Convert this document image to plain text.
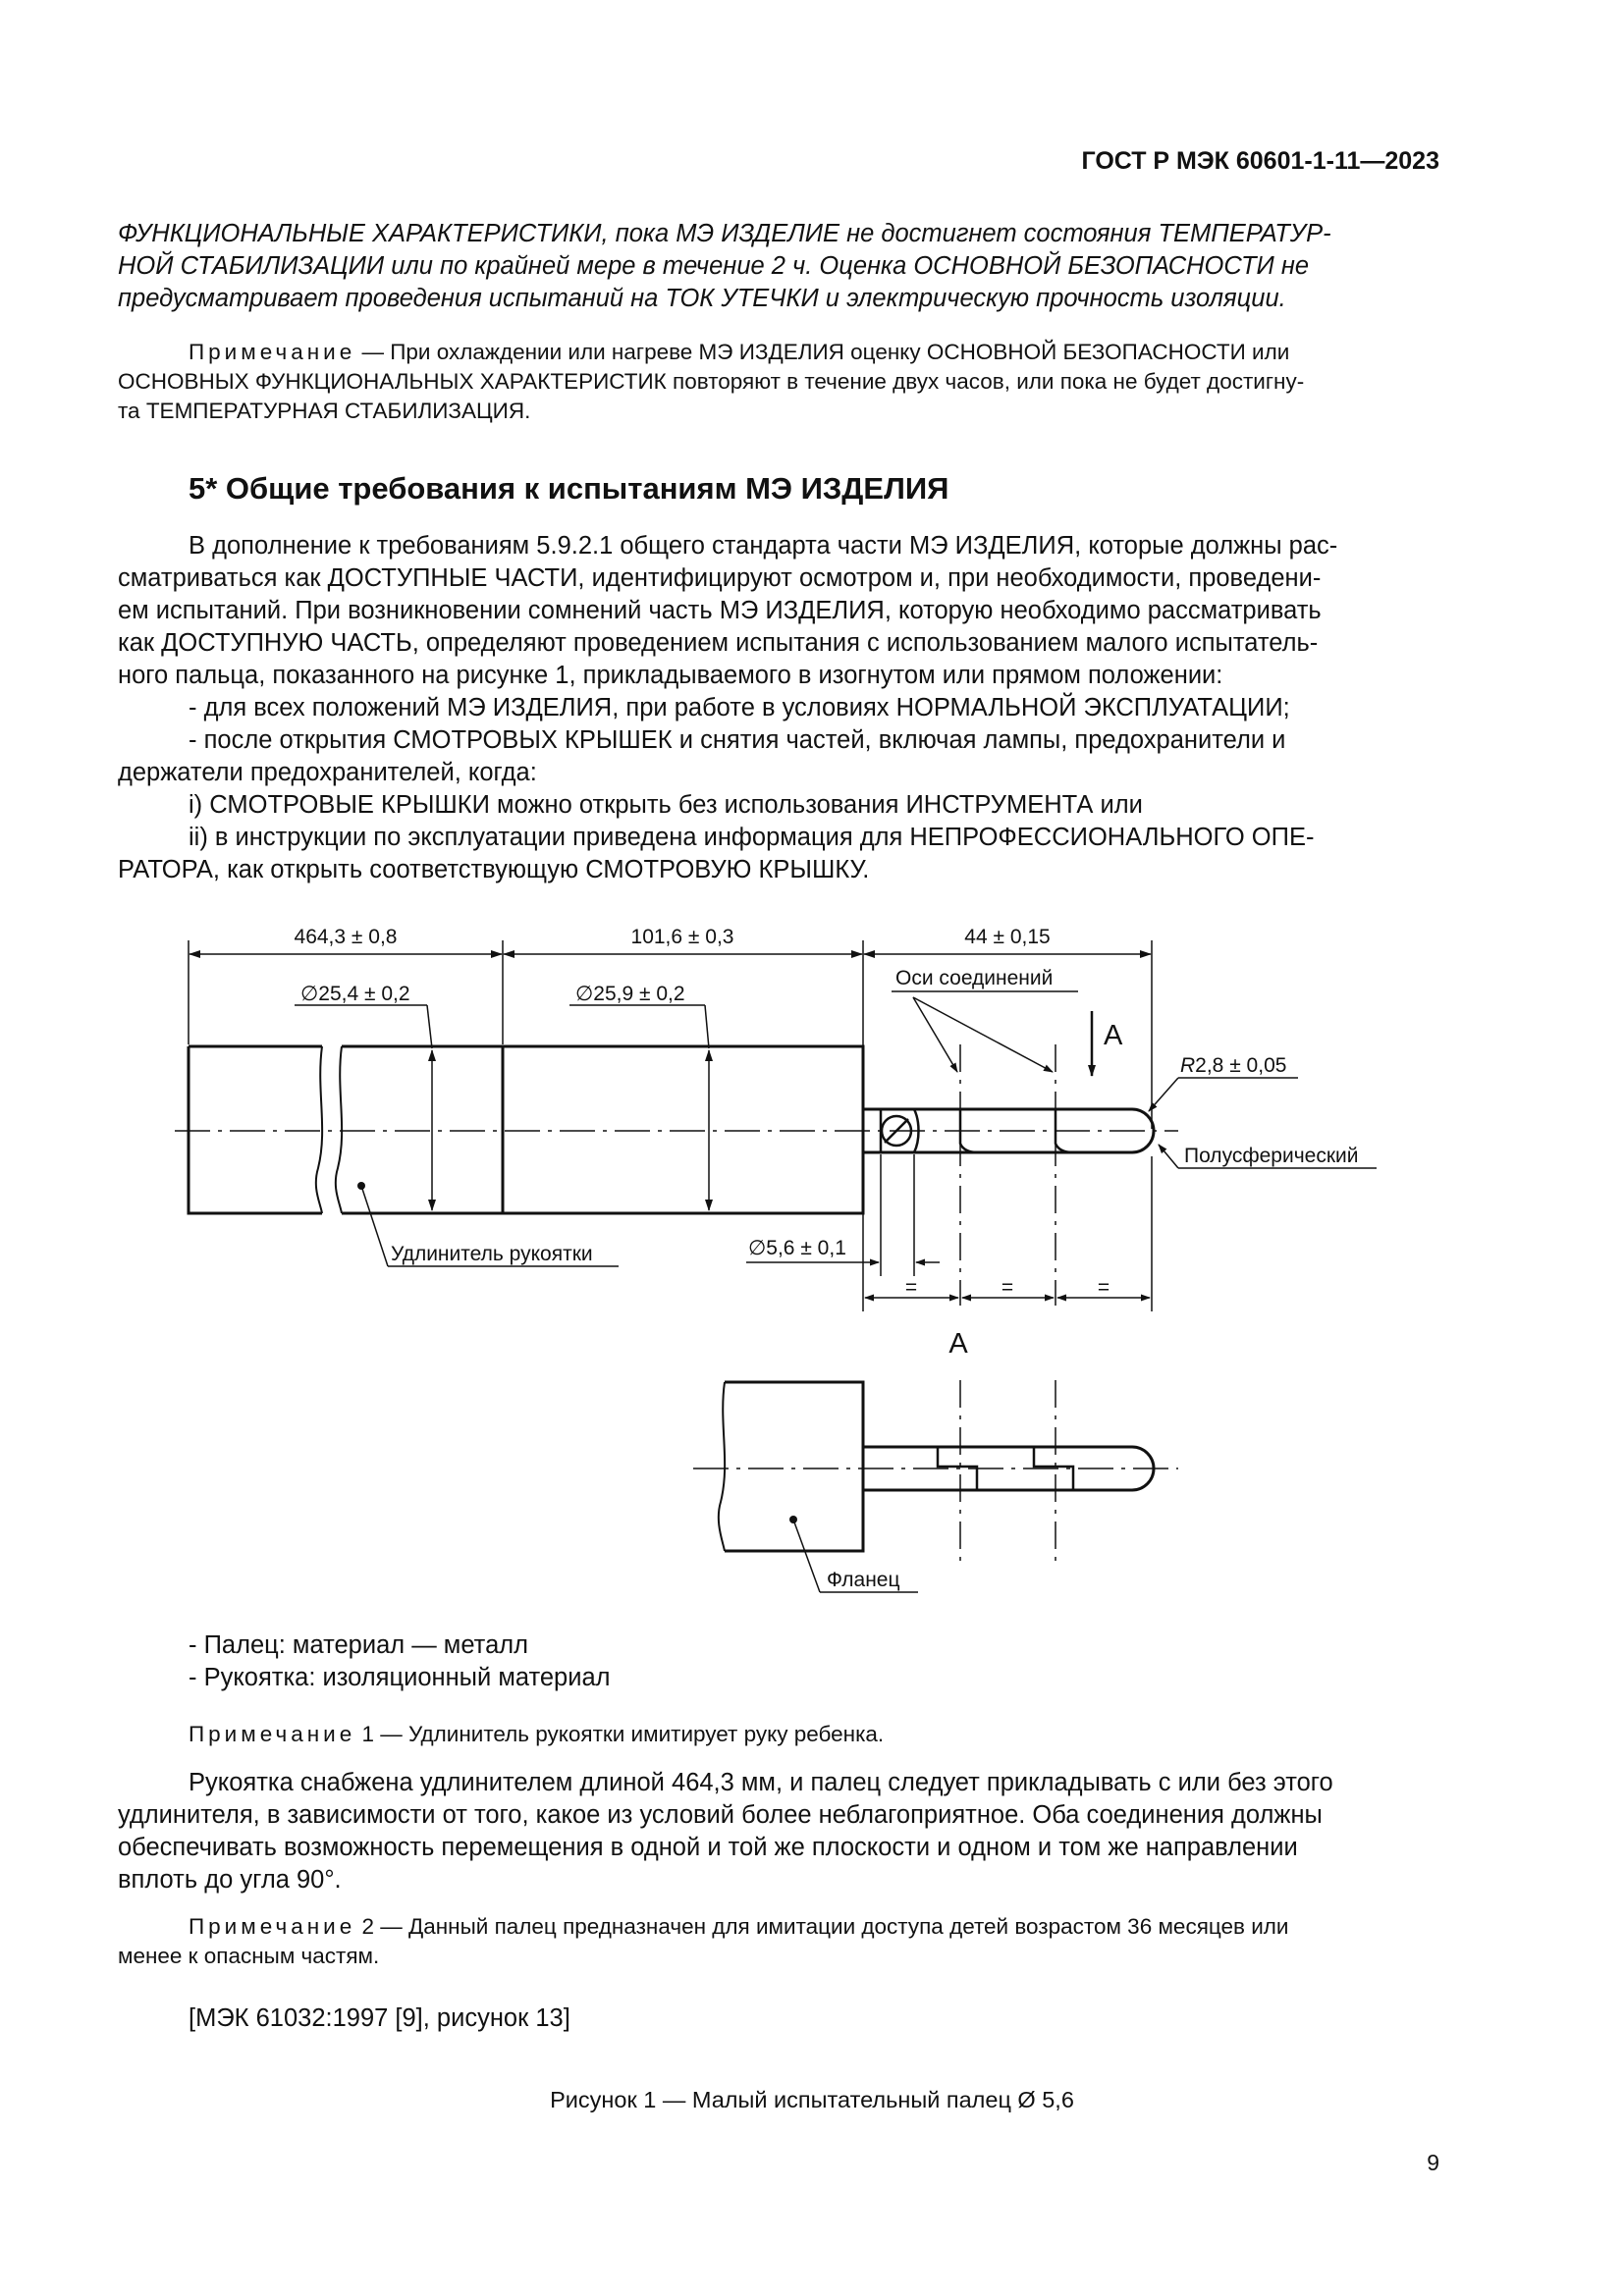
ГОСТ Р МЭК 60601-1-11—2023

ФУНКЦИОНАЛЬНЫЕ ХАРАКТЕРИСТИКИ, пока МЭ ИЗДЕЛИЕ не достигнет состояния ТЕМПЕРАТУР-

НОЙ СТАБИЛИЗАЦИИ или по крайней мере в течение 2 ч. Оценка ОСНОВНОЙ БЕЗОПАСНОСТИ не

предусматривает проведения испытаний на ТОК УТЕЧКИ и электрическую прочность изоляции.

Примечание — При охлаждении или нагреве МЭ ИЗДЕЛИЯ оценку ОСНОВНОЙ БЕЗОПАСНОСТИ или

ОСНОВНЫХ ФУНКЦИОНАЛЬНЫХ ХАРАКТЕРИСТИК повторяют в течение двух часов, или пока не будет достигну-

та ТЕМПЕРАТУРНАЯ СТАБИЛИЗАЦИЯ.

5* Общие требования к испытаниям МЭ ИЗДЕЛИЯ

В дополнение к требованиям 5.9.2.1 общего стандарта части МЭ ИЗДЕЛИЯ, которые должны рас-

сматриваться как ДОСТУПНЫЕ ЧАСТИ, идентифицируют осмотром и, при необходимости, проведени-

ем испытаний. При возникновении сомнений часть МЭ ИЗДЕЛИЯ, которую необходимо рассматривать

как ДОСТУПНУЮ ЧАСТЬ, определяют проведением испытания с использованием малого испытатель-

ного пальца, показанного на рисунке 1, прикладываемого в изогнутом или прямом положении:

- для всех положений МЭ ИЗДЕЛИЯ, при работе в условиях НОРМАЛЬНОЙ ЭКСПЛУАТАЦИИ;

- после открытия СМОТРОВЫХ КРЫШЕК и снятия частей, включая лампы, предохранители и

держатели предохранителей, когда:

i) СМОТРОВЫЕ КРЫШКИ можно открыть без использования ИНСТРУМЕНТА или

ii) в инструкции по эксплуатации приведена информация для НЕПРОФЕССИОНАЛЬНОГО ОПЕ-

РАТОРА, как открыть соответствующую СМОТРОВУЮ КРЫШКУ.

464,3 ± 0,8	101,6 ± 0,3	44 ± 0,15
∅25,4 ± 0,2	∅25,9 ± 0,2
Оси соединений
A
R2,8 ± 0,05
Полусферический
Удлинитель рукоятки	∅5,6 ± 0,1
=	=	=
A
Фланец

- Палец: материал — металл

- Рукоятка: изоляционный материал

Примечание 1 — Удлинитель рукоятки имитирует руку ребенка.

Рукоятка снабжена удлинителем длиной 464,3 мм, и палец следует прикладывать с или без этого

удлинителя, в зависимости от того, какое из условий более неблагоприятное. Оба соединения должны

обеспечивать возможность перемещения в одной и той же плоскости и одном и том же направлении

вплоть до угла 90°.

Примечание 2 — Данный палец предназначен для имитации доступа детей возрастом 36 месяцев или

менее к опасным частям.

[МЭК 61032:1997 [9], рисунок 13]

Рисунок 1 — Малый испытательный палец Ø 5,6
9
